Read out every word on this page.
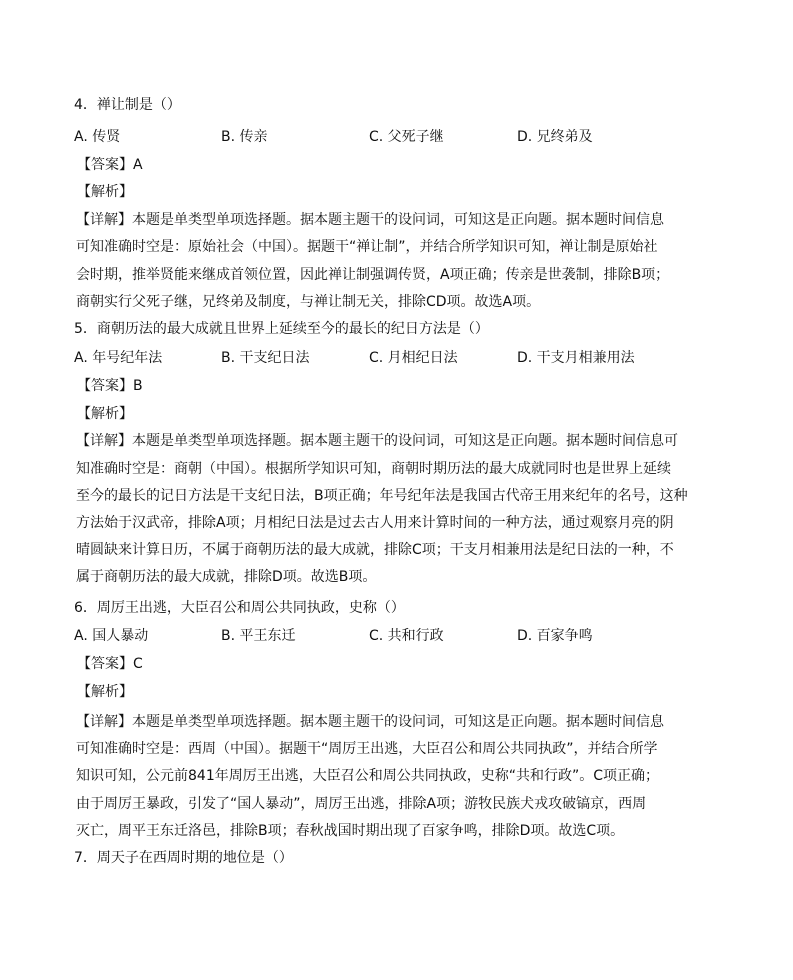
4．禅让制是（）
A. 传贤	B. 传亲	C. 父死子继	D. 兄终弟及
【答案】A
【解析】
【详解】本题是单类型单项选择题。据本题主题干的设问词，可知这是正向题。据本题时间信息
可知准确时空是：原始社会（中国）。据题干“禅让制”，并结合所学知识可知，禅让制是原始社
会时期，推举贤能来继成首领位置，因此禅让制强调传贤，A项正确；传亲是世袭制，排除B项；
商朝实行父死子继，兄终弟及制度，与禅让制无关，排除CD项。故选A项。
5．商朝历法的最大成就且世界上延续至今的最长的纪日方法是（）
A. 年号纪年法	B. 干支纪日法	C. 月相纪日法	D. 干支月相兼用法
【答案】B
【解析】
【详解】本题是单类型单项选择题。据本题主题干的设问词，可知这是正向题。据本题时间信息可
知准确时空是：商朝（中国）。根据所学知识可知，商朝时期历法的最大成就同时也是世界上延续
至今的最长的记日方法是干支纪日法，B项正确；年号纪年法是我国古代帝王用来纪年的名号，这种
方法始于汉武帝，排除A项；月相纪日法是过去古人用来计算时间的一种方法，通过观察月亮的阴
晴圆缺来计算日历，不属于商朝历法的最大成就，排除C项；干支月相兼用法是纪日法的一种，不
属于商朝历法的最大成就，排除D项。故选B项。
6．周厉王出逃，大臣召公和周公共同执政，史称（）
A. 国人暴动	B. 平王东迁	C. 共和行政	D. 百家争鸣
【答案】C
【解析】
【详解】本题是单类型单项选择题。据本题主题干的设问词，可知这是正向题。据本题时间信息
可知准确时空是：西周（中国）。据题干“周厉王出逃，大臣召公和周公共同执政”，并结合所学
知识可知，公元前841年周厉王出逃，大臣召公和周公共同执政，史称“共和行政”。C项正确；
由于周厉王暴政，引发了“国人暴动”，周厉王出逃，排除A项；游牧民族犬戎攻破镐京，西周
灭亡，周平王东迁洛邑，排除B项；春秋战国时期出现了百家争鸣，排除D项。故选C项。
7．周天子在西周时期的地位是（）
